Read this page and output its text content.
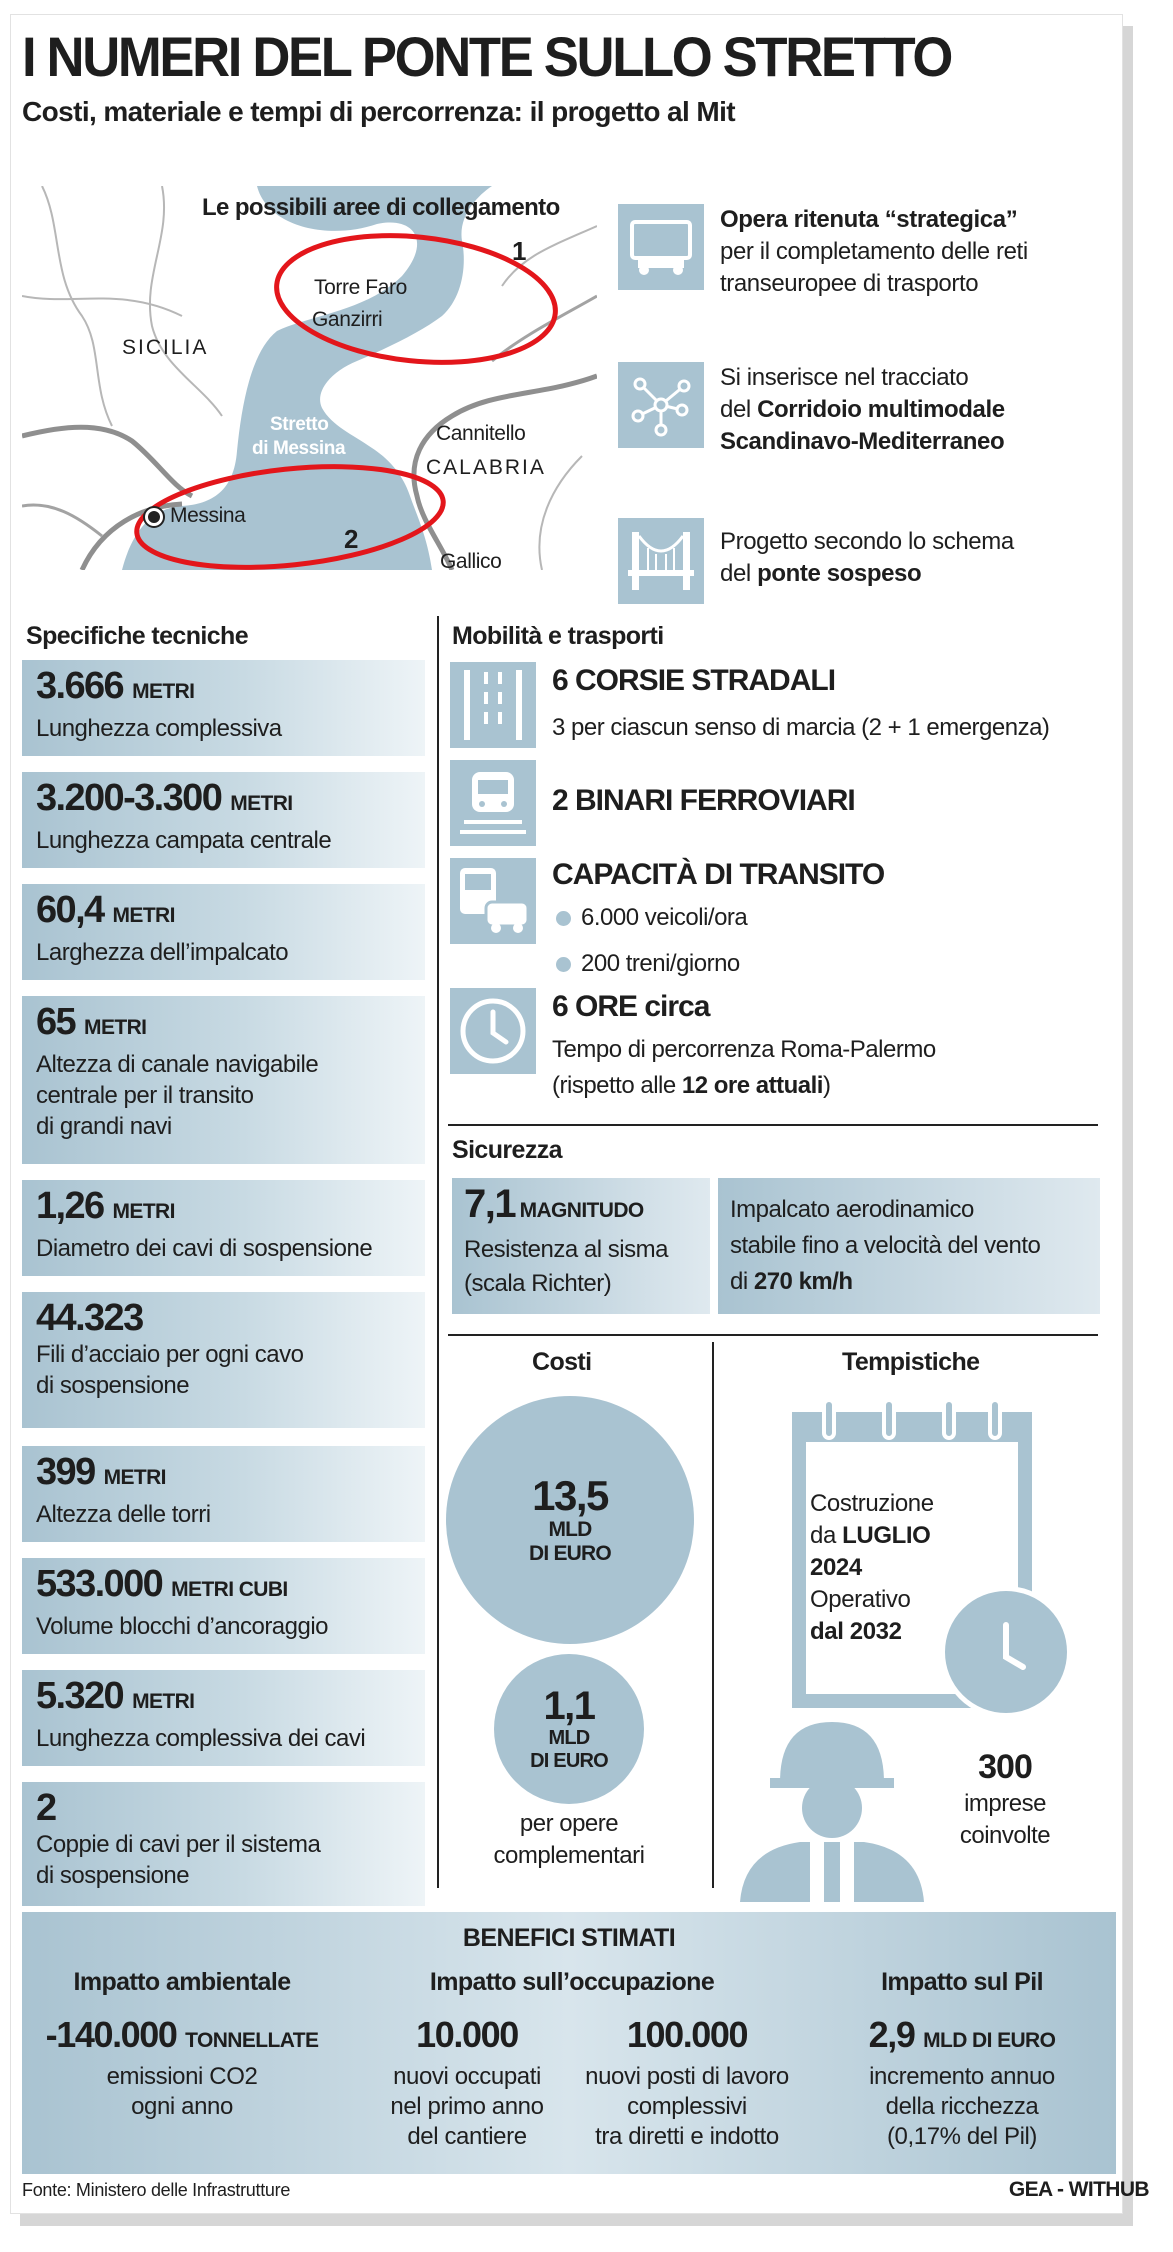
I NUMERI DEL PONTE SULLO STRETTO
Costi, materiale e tempi di percorrenza: il progetto al Mit
Le possibili aree di collegamento
Torre Faro
Ganzirri
SICILIA
Stretto
di Messina
Cannitello
CALABRIA
Messina
Gallico
1
2
Opera ritenuta “strategica”
per il completamento delle reti
transeuropee di trasporto
Si inserisce nel tracciato
del Corridoio multimodale
Scandinavo-Mediterraneo
Progetto secondo lo schema
del ponte sospeso
Specifiche tecniche
3.666 METRI
Lunghezza complessiva
3.200-3.300 METRI
Lunghezza campata centrale
60,4 METRI
Larghezza dell’impalcato
65 METRI
Altezza di canale navigabile
centrale per il transito
di grandi navi
1,26 METRI
Diametro dei cavi di sospensione
44.323
Fili d’acciaio per ogni cavo
di sospensione
399 METRI
Altezza delle torri
533.000 METRI CUBI
Volume blocchi d’ancoraggio
5.320 METRI
Lunghezza complessiva dei cavi
2
Coppie di cavi per il sistema
di sospensione
Mobilità e trasporti
6 CORSIE STRADALI
3 per ciascun senso di marcia (2 + 1 emergenza)
2 BINARI FERROVIARI
CAPACITÀ DI TRANSITO
6.000 veicoli/ora
200 treni/giorno
6 ORE circa
Tempo di percorrenza Roma-Palermo
(rispetto alle 12 ore attuali)
Sicurezza
7,1 MAGNITUDO
Resistenza al sisma
(scala Richter)
Impalcato aerodinamico
stabile fino a velocità del vento
di 270 km/h
Costi
13,5
MLD
DI EURO
1,1
MLD
DI EURO
per opere
complementari
Tempistiche
Costruzione
da LUGLIO
2024
Operativo
dal 2032
300
imprese
coinvolte
BENEFICI STIMATI
Impatto ambientale
-140.000 TONNELLATE
emissioni CO2
ogni anno
Impatto sull’occupazione
10.000
nuovi occupati
nel primo anno
del cantiere
100.000
nuovi posti di lavoro
complessivi
tra diretti e indotto
Impatto sul Pil
2,9 MLD DI EURO
incremento annuo
della ricchezza
(0,17% del Pil)
Fonte: Ministero delle Infrastrutture	GEA - WITHUB
